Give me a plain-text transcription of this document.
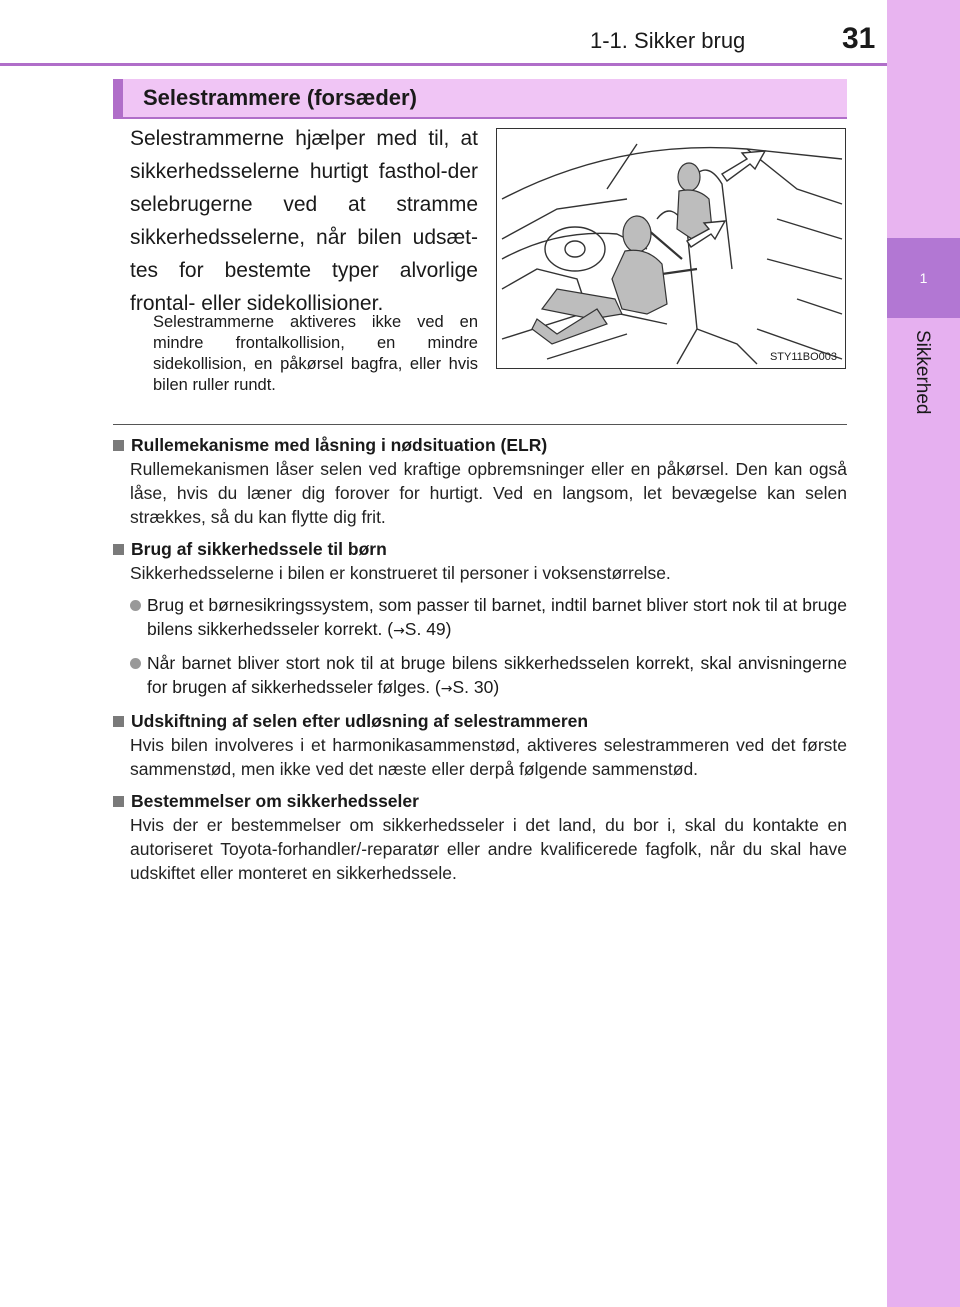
1-1. Sikker brug	31
1
Sikkerhed
Selestrammere (forsæder)
Selestrammerne hjælper med til, at sikkerhedsselerne hurtigt fasthol-der selebrugerne ved at stramme sikkerhedsselerne, når bilen udsæt-tes for bestemte typer alvorlige frontal- eller sidekollisioner.
Selestrammerne aktiveres ikke ved en mindre frontalkollision, en mindre sidekollision, en påkørsel bagfra, eller hvis bilen ruller rundt.
STY11BO003
Rullemekanisme med låsning i nødsituation (ELR)
Rullemekanismen låser selen ved kraftige opbremsninger eller en påkørsel. Den kan også låse, hvis du læner dig forover for hurtigt. Ved en langsom, let bevægelse kan selen strækkes, så du kan flytte dig frit.
Brug af sikkerhedssele til børn
Sikkerhedsselerne i bilen er konstrueret til personer i voksenstørrelse.
Brug et børnesikringssystem, som passer til barnet, indtil barnet bliver stort nok til at bruge bilens sikkerhedsseler korrekt. (→S. 49)
Når barnet bliver stort nok til at bruge bilens sikkerhedsselen korrekt, skal anvisningerne for brugen af sikkerhedsseler følges. (→S. 30)
Udskiftning af selen efter udløsning af selestrammeren
Hvis bilen involveres i et harmonikasammenstød, aktiveres selestrammeren ved det første sammenstød, men ikke ved det næste eller derpå følgende sammenstød.
Bestemmelser om sikkerhedsseler
Hvis der er bestemmelser om sikkerhedsseler i det land, du bor i, skal du kontakte en autoriseret Toyota-forhandler/-reparatør eller andre kvalificerede fagfolk, når du skal have udskiftet eller monteret en sikkerhedssele.
